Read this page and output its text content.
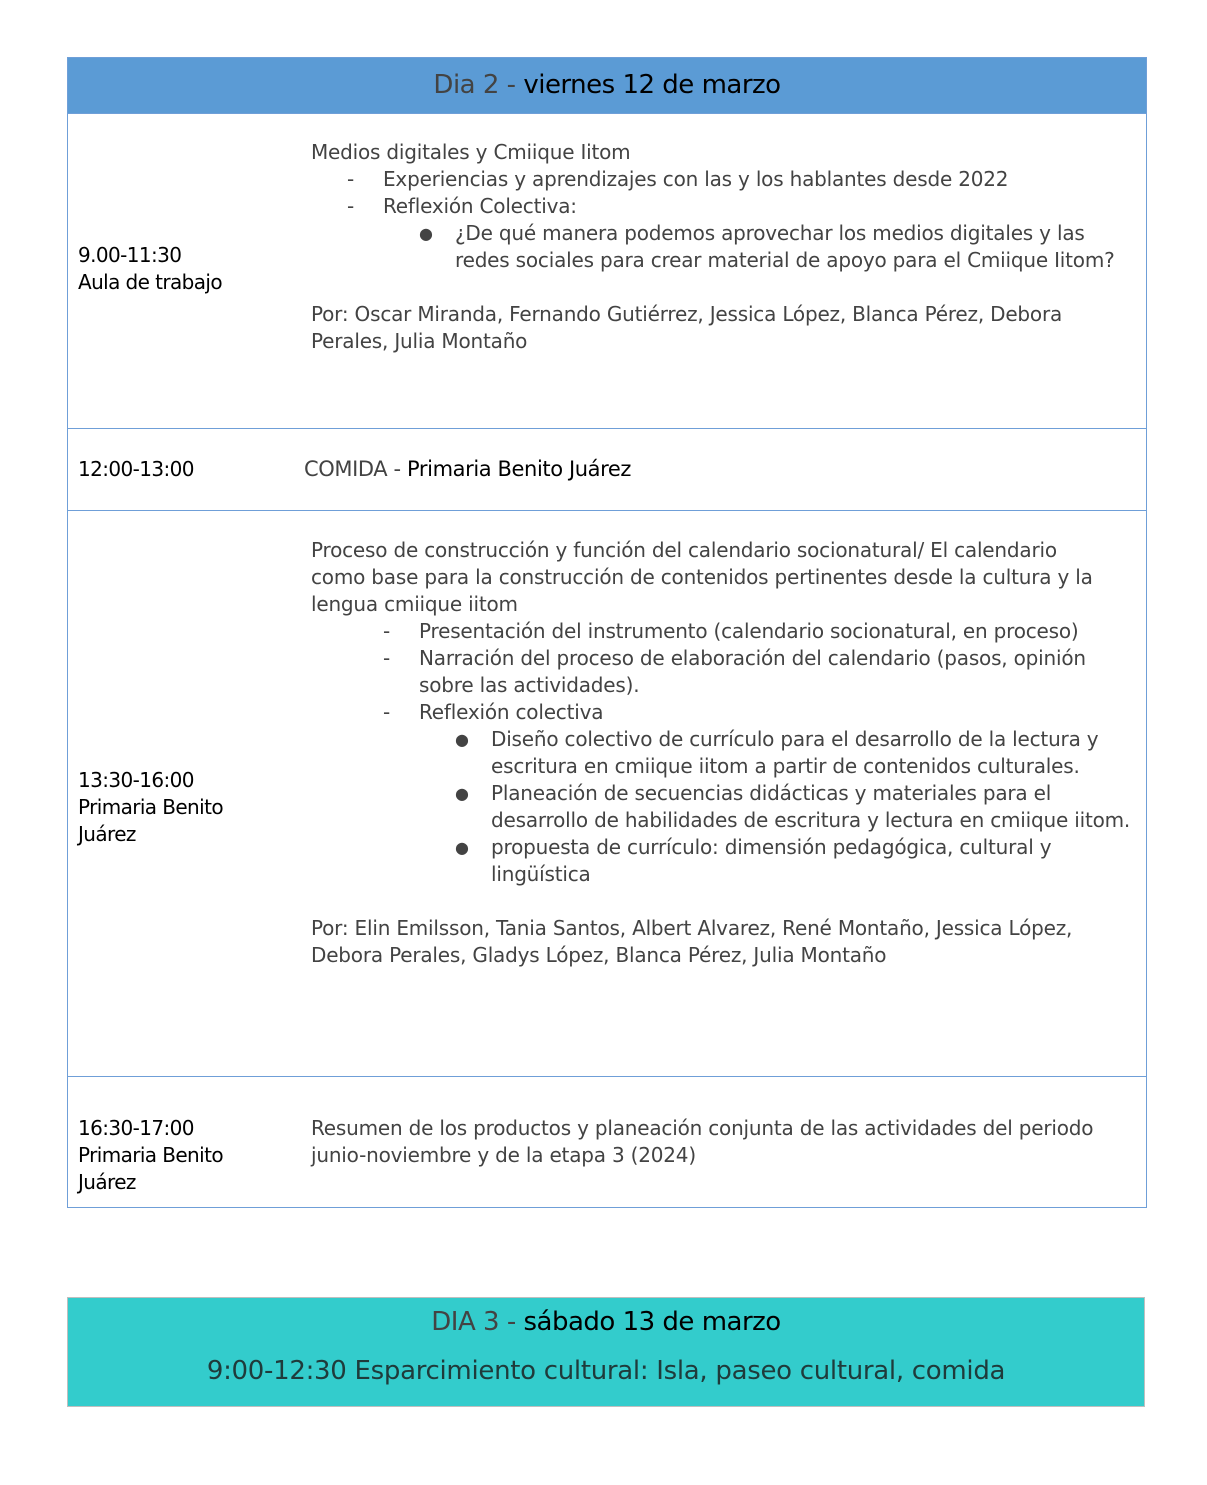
Dia 2 - viernes 12 de marzo
9.00-11:30
Aula de trabajo

Medios digitales y Cmiique Iitom

- Experiencias y aprendizajes con las y los hablantes desde 2022
- Reflexión Colectiva:
● ¿De qué manera podemos aprovechar los medios digitales y las redes sociales para crear material de apoyo para el Cmiique Iitom?

Por: Oscar Miranda, Fernando Gutiérrez, Jessica López, Blanca Pérez, Debora Perales, Julia Montaño

12:00-13:00	COMIDA - Primaria Benito Juárez
13:30-16:00
Primaria Benito
Juárez

Proceso de construcción y función del calendario socionatural/ El calendario como base para la construcción de contenidos pertinentes desde la cultura y la lengua cmiique iitom

- Presentación del instrumento (calendario socionatural, en proceso)
- Narración del proceso de elaboración del calendario (pasos, opinión sobre las actividades).
- Reflexión colectiva
● Diseño colectivo de currículo para el desarrollo de la lectura y escritura en cmiique iitom a partir de contenidos culturales.
● Planeación de secuencias didácticas y materiales para el desarrollo de habilidades de escritura y lectura en cmiique iitom.
● propuesta de currículo: dimensión pedagógica, cultural y lingüística

Por: Elin Emilsson, Tania Santos, Albert Alvarez, René Montaño, Jessica López, Debora Perales, Gladys López, Blanca Pérez, Julia Montaño

16:30-17:00
Primaria Benito
Juárez

Resumen de los productos y planeación conjunta de las actividades del periodo junio-noviembre y de la etapa 3 (2024)

DIA 3 - sábado 13 de marzo
9:00-12:30 Esparcimiento cultural: Isla, paseo cultural, comida
